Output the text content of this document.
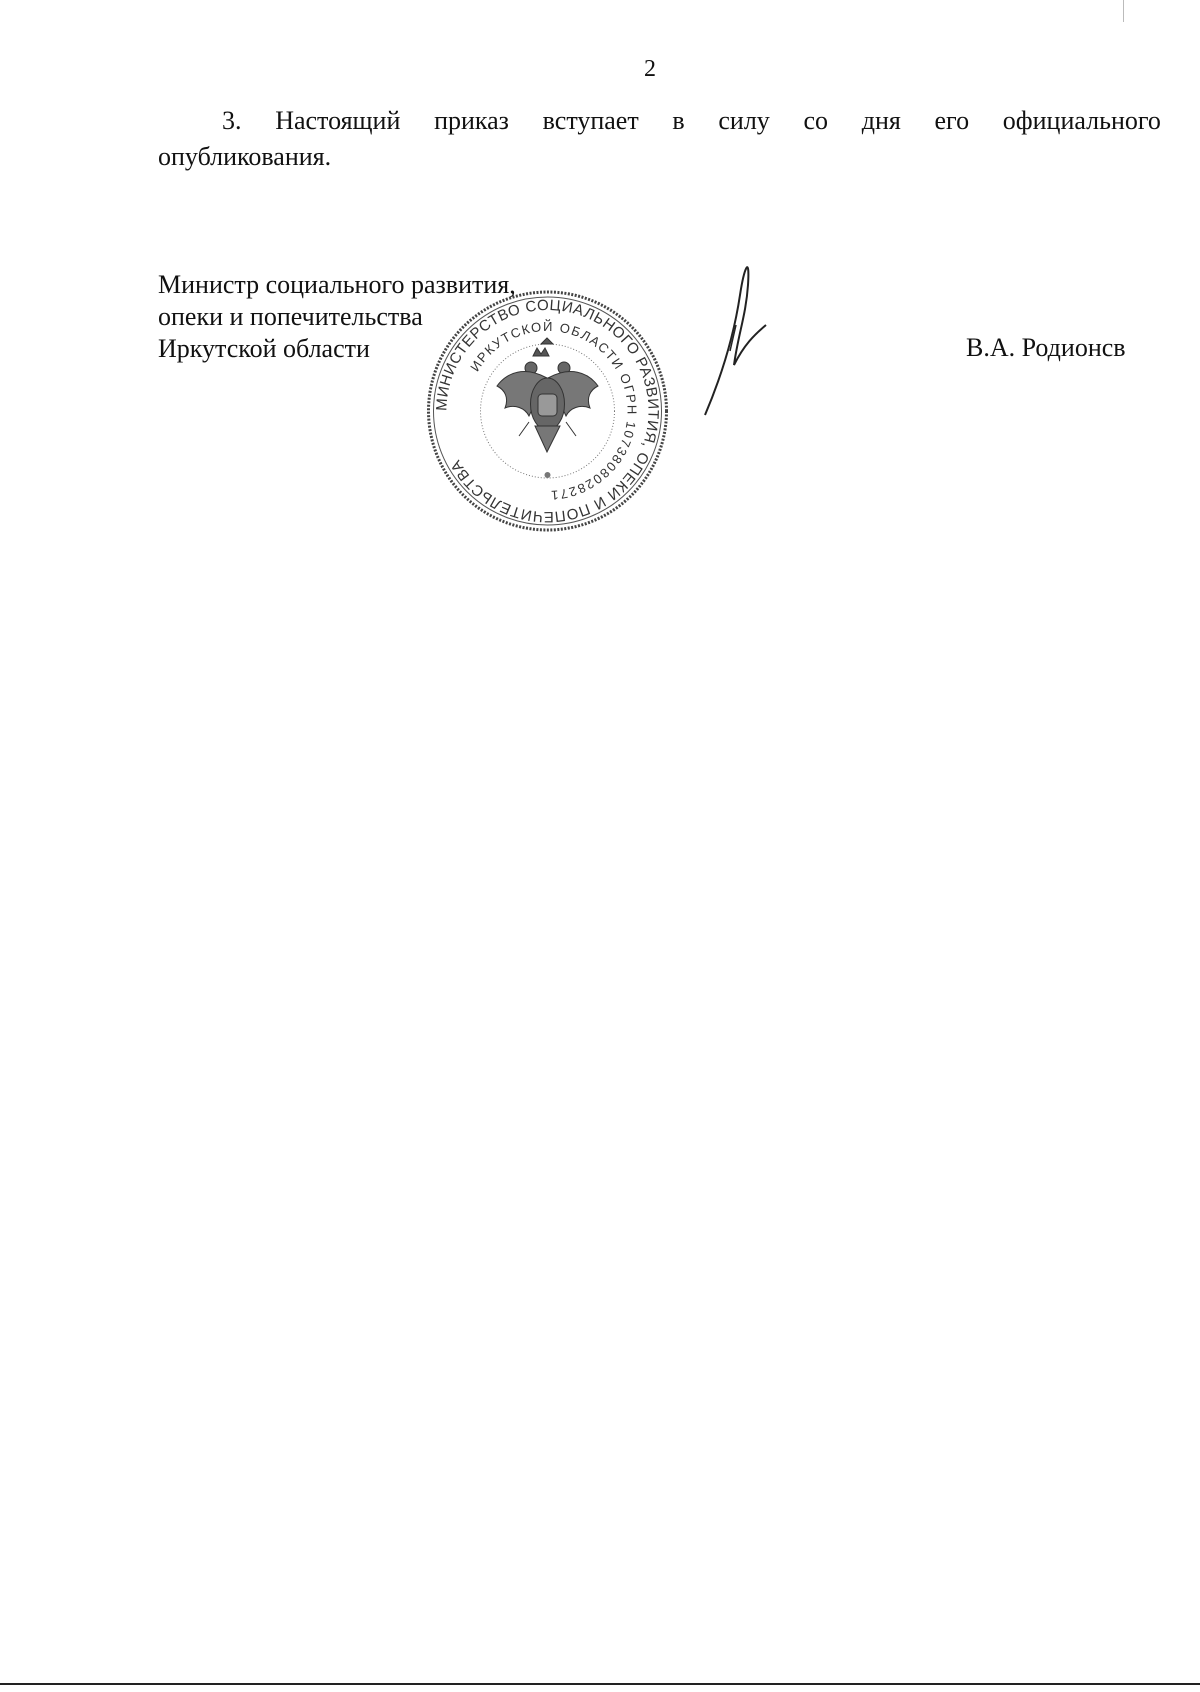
2
3. Настоящий приказ вступает в силу со дня его официального
опубликования.
Министр социального развития,
опеки и попечительства
Иркутской области
МИНИСТЕРСТВО СОЦИАЛЬНОГО РАЗВИТИЯ, ОПЕКИ И ПОПЕЧИТЕЛЬСТВА
ИРКУТСКОЙ ОБЛАСТИ ОГРН 1073808028271
В.А. Родионсв
